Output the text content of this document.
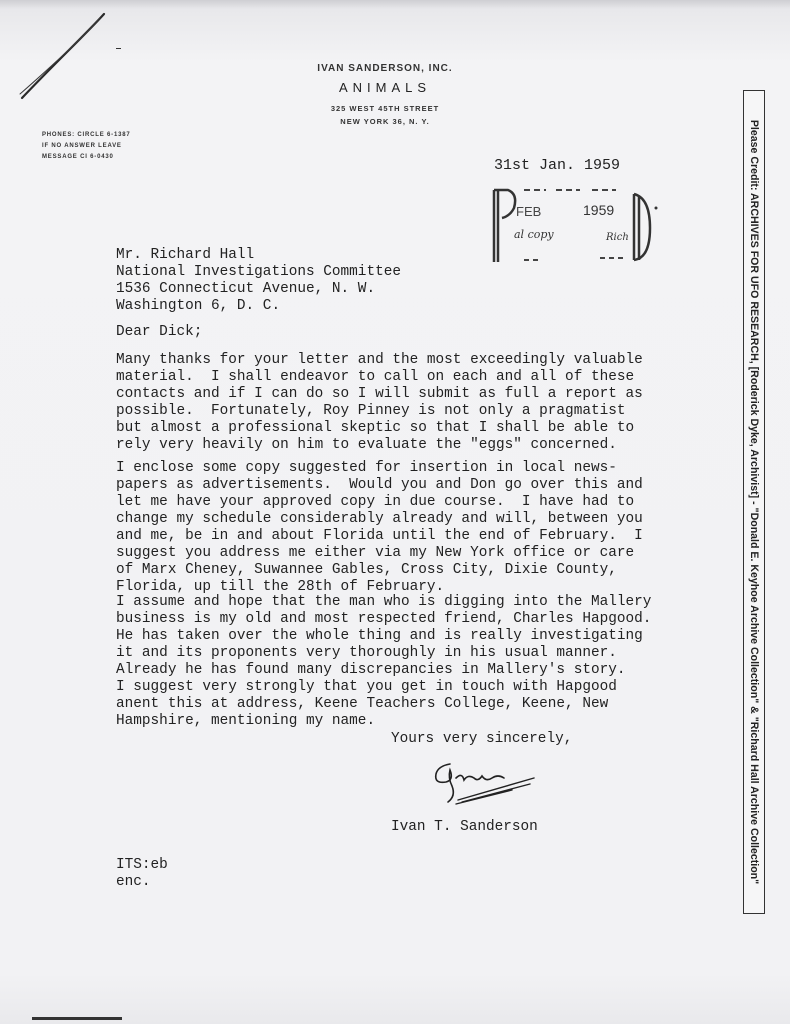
IVAN SANDERSON, INC.
ANIMALS
325 WEST 45TH STREET
NEW YORK 36, N. Y.
PHONES: CIRCLE 6-1387
IF NO ANSWER LEAVE
MESSAGE CI 6-0430	31st Jan. 1959
FEB	1959
al copy	Rich
Mr. Richard Hall
National Investigations Committee
1536 Connecticut Avenue, N. W.
Washington 6, D. C.
Dear Dick;
Many thanks for your letter and the most exceedingly valuable
material.  I shall endeavor to call on each and all of these
contacts and if I can do so I will submit as full a report as
possible.  Fortunately, Roy Pinney is not only a pragmatist
but almost a professional skeptic so that I shall be able to
rely very heavily on him to evaluate the "eggs" concerned.
I enclose some copy suggested for insertion in local news-
papers as advertisements.  Would you and Don go over this and
let me have your approved copy in due course.  I have had to
change my schedule considerably already and will, between you
and me, be in and about Florida until the end of February.  I
suggest you address me either via my New York office or care
of Marx Cheney, Suwannee Gables, Cross City, Dixie County,
Florida, up till the 28th of February.
I assume and hope that the man who is digging into the Mallery
business is my old and most respected friend, Charles Hapgood.
He has taken over the whole thing and is really investigating
it and its proponents very thoroughly in his usual manner.
Already he has found many discrepancies in Mallery's story.
I suggest very strongly that you get in touch with Hapgood
anent this at address, Keene Teachers College, Keene, New
Hampshire, mentioning my name.
Yours very sincerely,
Ivan T. Sanderson
ITS:eb
enc.	Please Credit: ARCHIVES FOR UFO RESEARCH, [Roderick Dyke, Archivist] - "Donald E. Keyhoe Archive Collection" & "Richard Hall Archive Collection"
